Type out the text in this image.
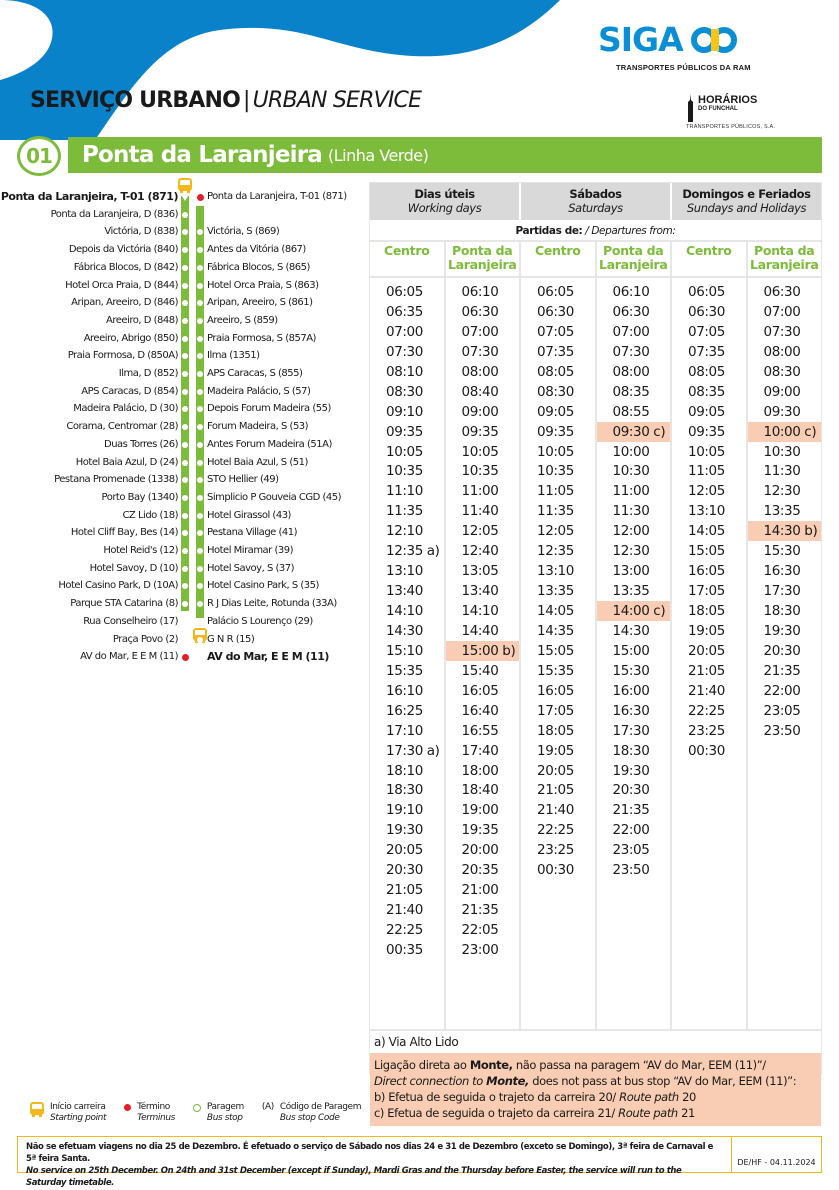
SIGA
TRANSPORTES PÚBLICOS DA RAM
HORÁRIOS
DO FUNCHAL
TRANSPORTES PÚBLICOS, S.A.
SERVIÇO URBANO | URBAN SERVICE
01	Ponta da Laranjeira (Linha Verde)
Ponta da Laranjeira, T-01 (871)
Ponta da Laranjeira, D (836)
Victória, D (838)
Depois da Victória (840)
Fábrica Blocos, D (842)
Hotel Orca Praia, D (844)
Aripan, Areeiro, D (846)
Areeiro, D (848)
Areeiro, Abrigo (850)
Praia Formosa, D (850A)
Ilma, D (852)
APS Caracas, D (854)
Madeira Palácio, D (30)
Corama, Centromar (28)
Duas Torres (26)
Hotel Baia Azul, D (24)
Pestana Promenade (1338)
Porto Bay (1340)
CZ Lido (18)
Hotel Cliff Bay, Bes (14)
Hotel Reid's (12)
Hotel Savoy, D (10)
Hotel Casino Park, D (10A)
Parque STA Catarina (8)
Rua Conselheiro (17)
Praça Povo (2)
AV do Mar, E E M (11)
Ponta da Laranjeira, T-01 (871)
Victória, S (869)
Antes da Vitória (867)
Fábrica Blocos, S (865)
Hotel Orca Praia, S (863)
Aripan, Areeiro, S (861)
Areeiro, S (859)
Praia Formosa, S (857A)
Ilma (1351)
APS Caracas, S (855)
Madeira Palácio, S (57)
Depois Forum Madeira (55)
Forum Madeira, S (53)
Antes Forum Madeira (51A)
Hotel Baia Azul, S (51)
STO Hellier (49)
Simplicio P Gouveia CGD (45)
Hotel Girassol (43)
Pestana Village (41)
Hotel Miramar (39)
Hotel Savoy, S (37)
Hotel Casino Park, S (35)
R J Dias Leite, Rotunda (33A)
Palácio S Lourenço (29)
G N R (15)
AV do Mar, E E M (11)
Dias úteis
Working days
Sábados
Saturdays
Domingos e Feriados
Sundays and Holidays
Partidas de: / Departures from:
Centro
06:05
06:35
07:00
07:30
08:10
08:30
09:10
09:35
10:05
10:35
11:10
11:35
12:10
12:35 a)
13:10
13:40
14:10
14:30
15:10
15:35
16:10
16:25
17:10
17:30 a)
18:10
18:30
19:10
19:30
20:05
20:30
21:05
21:40
22:25
00:35
Ponta da
Laranjeira
06:10
06:30
07:00
07:30
08:00
08:40
09:00
09:35
10:05
10:35
11:00
11:40
12:05
12:40
13:05
13:40
14:10
14:40
15:00 b)
15:40
16:05
16:40
16:55
17:40
18:00
18:40
19:00
19:35
20:00
20:35
21:00
21:35
22:05
23:00
Centro
06:05
06:30
07:05
07:35
08:05
08:30
09:05
09:35
10:05
10:35
11:05
11:35
12:05
12:35
13:10
13:35
14:05
14:35
15:05
15:35
16:05
17:05
18:05
19:05
20:05
21:05
21:40
22:25
23:25
00:30
Ponta da
Laranjeira
06:10
06:30
07:00
07:30
08:00
08:35
08:55
09:30 c)
10:00
10:30
11:00
11:30
12:00
12:30
13:00
13:35
14:00 c)
14:30
15:00
15:30
16:00
16:30
17:30
18:30
19:30
20:30
21:35
22:00
23:05
23:50
Centro
06:05
06:30
07:05
07:35
08:05
08:35
09:05
09:35
10:05
11:05
12:05
13:10
14:05
15:05
16:05
17:05
18:05
19:05
20:05
21:05
21:40
22:25
23:25
00:30
Ponta da
Laranjeira
06:30
07:00
07:30
08:00
08:30
09:00
09:30
10:00 c)
10:30
11:30
12:30
13:35
14:30 b)
15:30
16:30
17:30
18:30
19:30
20:30
21:35
22:00
23:05
23:50
a) Via Alto Lido
Ligação direta ao Monte, não passa na paragem “AV do Mar, EEM (11)”/
Direct connection to Monte, does not pass at bus stop “AV do Mar, EEM (11)”:
b) Efetua de seguida o trajeto da carreira 20/ Route path 20
c) Efetua de seguida o trajeto da carreira 21/ Route path 21
Início carreira
Starting point
Término
Terminus
Paragem
Bus stop
(A) Código de Paragem
Bus stop Code
Não se efetuam viagens no dia 25 de Dezembro. É efetuado o serviço de Sábado nos dias 24 e 31 de Dezembro (exceto se Domingo), 3ª feira de Carnaval e 5ª feira Santa.
No service on 25th December. On 24th and 31st December (except if Sunday), Mardi Gras and the Thursday before Easter, the service will run to the Saturday timetable.
DE/HF - 04.11.2024
